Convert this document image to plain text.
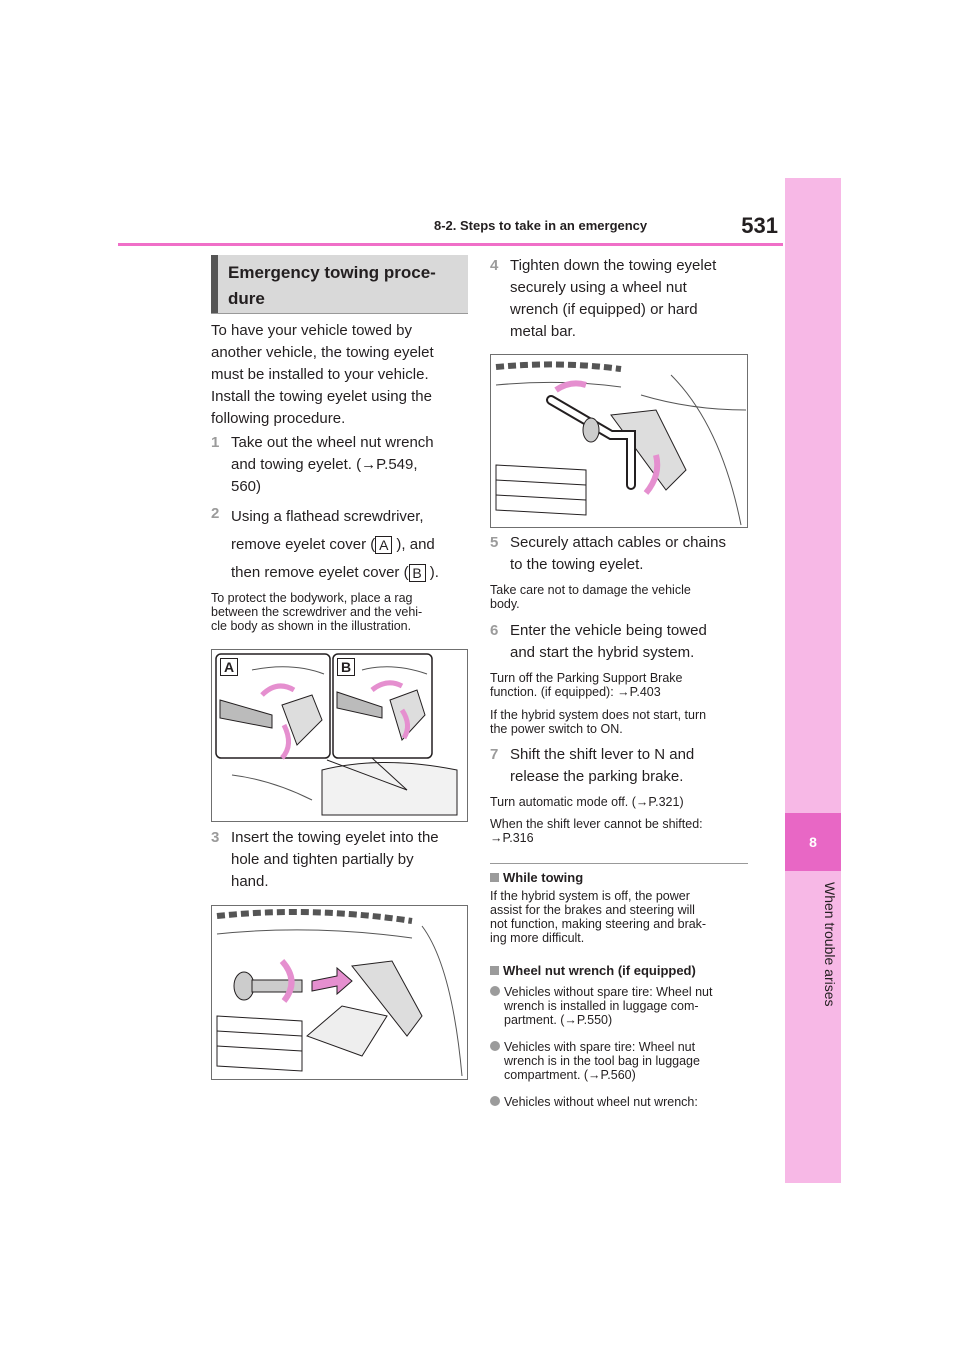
8
When trouble arises
8-2. Steps to take in an emergency	531
Emergency towing proce-
dure
To have your vehicle towed by
another vehicle, the towing eyelet
must be installed to your vehicle.
Install the towing eyelet using the
following procedure.
1 Take out the wheel nut wrench
and towing eyelet. (→P.549,
560)
2 Using a flathead screwdriver,
remove eyelet cover ( A ), and
then remove eyelet cover ( B ).
To protect the bodywork, place a rag
between the screwdriver and the vehi-
cle body as shown in the illustration.
A	B
3 Insert the towing eyelet into the
hole and tighten partially by
hand.
4 Tighten down the towing eyelet
securely using a wheel nut
wrench (if equipped) or hard
metal bar.
5 Securely attach cables or chains
to the towing eyelet.
Take care not to damage the vehicle
body.
6 Enter the vehicle being towed
and start the hybrid system.
Turn off the Parking Support Brake
function. (if equipped): →P.403
If the hybrid system does not start, turn
the power switch to ON.
7 Shift the shift lever to N and
release the parking brake.
Turn automatic mode off. (→P.321)
When the shift lever cannot be shifted:
→P.316
While towing
If the hybrid system is off, the power
assist for the brakes and steering will
not function, making steering and brak-
ing more difficult.
Wheel nut wrench (if equipped)
Vehicles without spare tire: Wheel nut
wrench is installed in luggage com-
partment. (→P.550)
Vehicles with spare tire: Wheel nut
wrench is in the tool bag in luggage
compartment. (→P.560)
Vehicles without wheel nut wrench:
